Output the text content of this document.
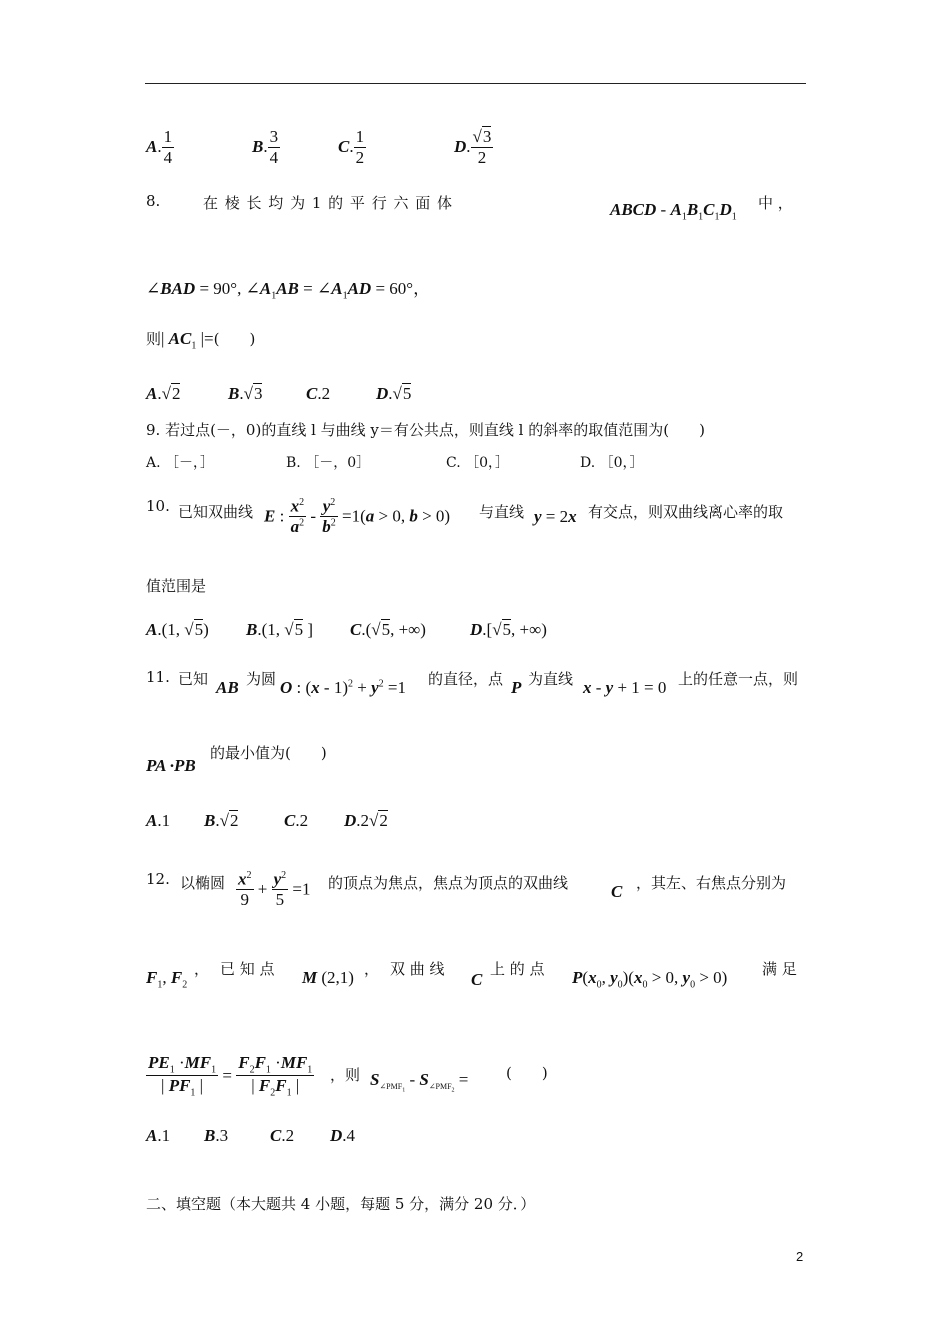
A. $\frac{1}{4}$	B. $\frac{3}{4}$	C. $\frac{1}{2}$	D. $\frac{√3}{2}$
8.	在 棱 长 均 为 1 的 平 行 六 面 体	ABCD - $A_1B_1C_1D_1$
中 ，
∠BAD = 90°, $\angle A_1AB$ = $\angle A_1AD = 60^\circ$，
则| $AC_1$ |=(　　)
A.√2	B.√3	C.2	D.√5
9. 若过点(－，0)的直线 l 与曲线 y＝有公共点，则直线 l 的斜率的取值范围为(　　)
A. ［－，］	B. ［－，0］	C. ［0，］	D. ［0，］
10. 已知双曲线 E : $\frac{x^2}{a^2} - \frac{y^2}{b^2} =1(a > 0$, b > 0) 与直线 y = 2x 有交点，则双曲线离心率的取
值范围是
A.(1, √5) B.(1, √5 ] C.(√5, +∞)	D.[√5, +∞)
11. 已知 AB 为圆 O : $(x - 1)^2 + y^2 =1$ 的直径，点 P 为直线 x - y + 1 = 0 上的任意一点，则
PA ·PB
的最小值为(　　)
A.1 B.√2	C.2 D.2√2
12. 以椭圆 $\frac{x^2}{9} + \frac{y^2}{5} =1$ 的顶点为焦点，焦点为顶点的双曲线	C ，其左、右焦点分别为
$F_1$, $F_2$
， 已 知 点 M (2,1) ， 双 曲 线
C
上 的 点 $P(x_0$, $y_0)(x_0 > 0$, $y_0 > 0$) 满 足
$\frac{PE_1 \cdot MF_1}{| PF_1 |} = \frac{F_2F_1 \cdot MF_1}{| F_2F_1 |}$ ，则 $S_{\angle PMF_1} - S_{\angle PMF_2}$ =	(　　)
A.1 B.3 C.2 D.4
二、填空题（本大题共 4 小题，每题 5 分，满分 20 分．）
2
